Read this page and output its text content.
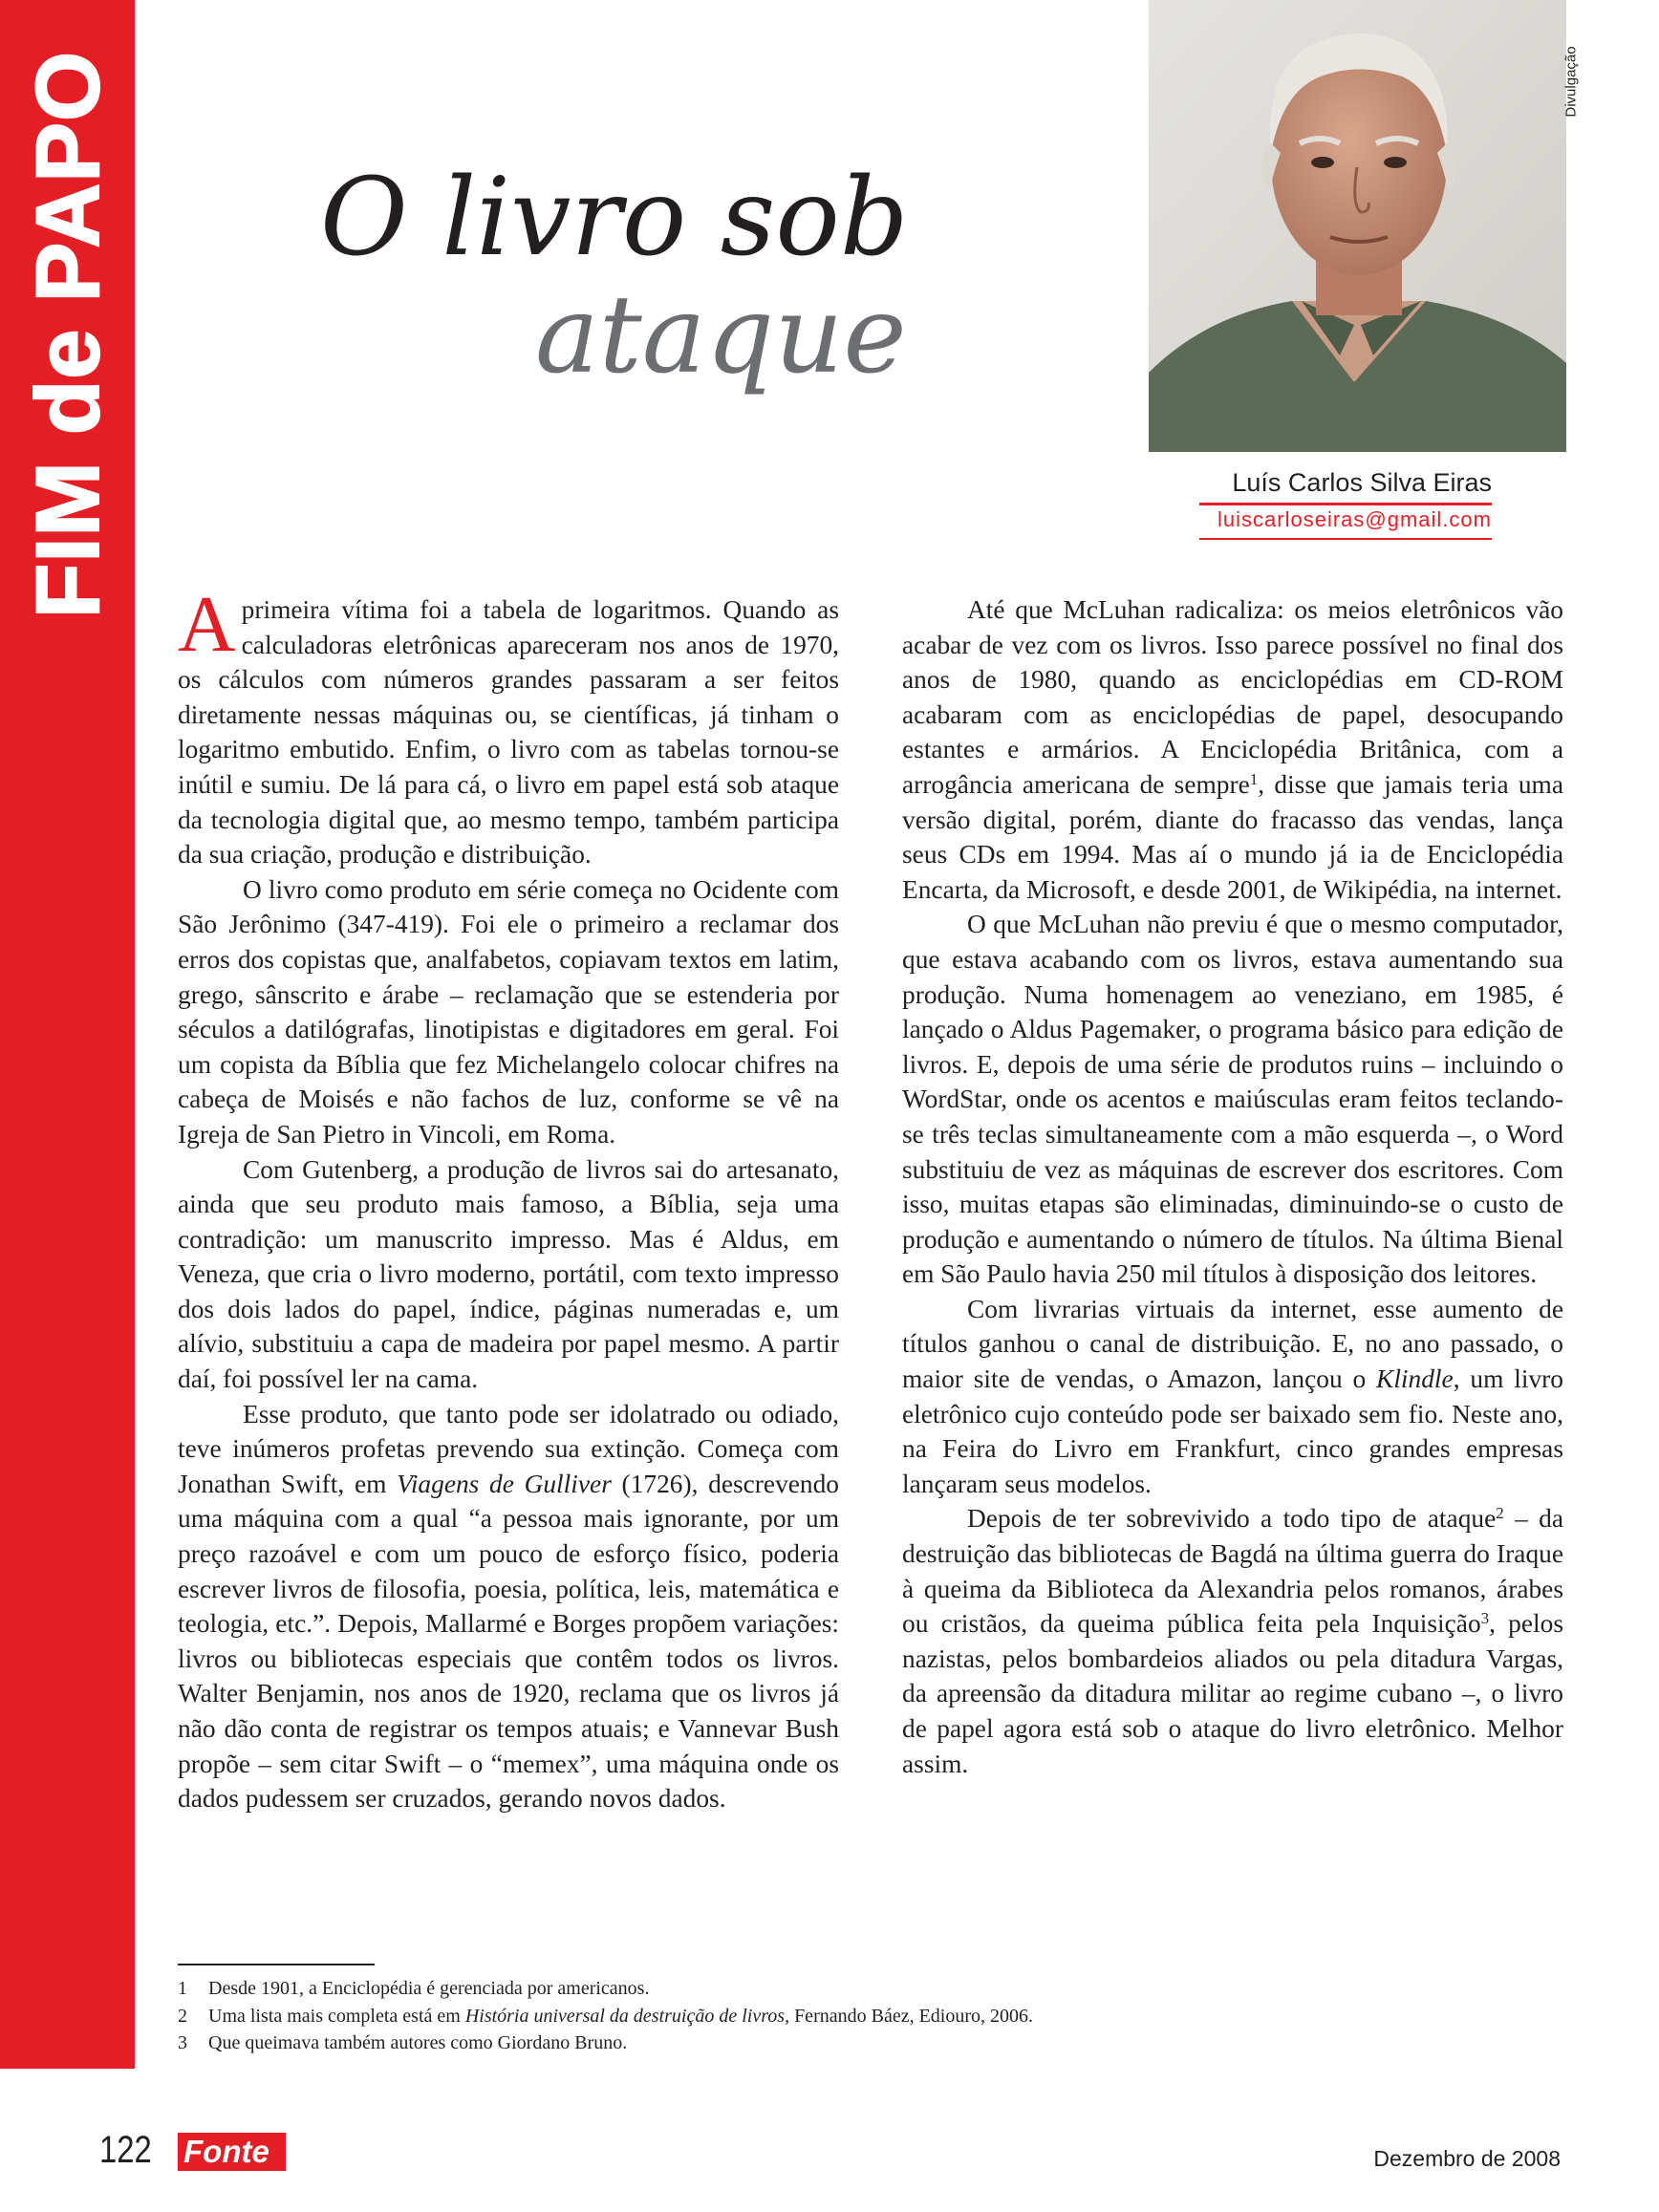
FIM de PAPO O livro sob
ataque
Divulgação
Luís Carlos Silva Eiras
luiscarloseiras@gmail.com

A primeira vítima foi a tabela de logaritmos. Quando as calculadoras eletrônicas apareceram nos anos de 1970, os cálculos com números grandes passaram a ser feitos diretamente nessas máquinas ou, se científicas, já tinham o logaritmo embutido. Enfim, o livro com as tabelas tornou-se inútil e sumiu. De lá para cá, o livro em papel está sob ataque da tecnologia digital que, ao mesmo tempo, também participa da sua criação, produção e distribuição.

O livro como produto em série começa no Ocidente com São Jerônimo (347-419). Foi ele o primeiro a reclamar dos erros dos copistas que, analfabetos, copiavam textos em latim, grego, sânscrito e árabe – reclamação que se estenderia por séculos a datilógrafas, linotipistas e digitadores em geral. Foi um copista da Bíblia que fez Michelangelo colocar chifres na cabeça de Moisés e não fachos de luz, conforme se vê na Igreja de San Pietro in Vincoli, em Roma.

Com Gutenberg, a produção de livros sai do artesanato, ainda que seu produto mais famoso, a Bíblia, seja uma contradição: um manuscrito impresso. Mas é Aldus, em Veneza, que cria o livro moderno, portátil, com texto impresso dos dois lados do papel, índice, páginas numeradas e, um alívio, substituiu a capa de madeira por papel mesmo. A partir daí, foi possível ler na cama.

Esse produto, que tanto pode ser idolatrado ou odiado, teve inúmeros profetas prevendo sua extinção. Começa com Jonathan Swift, em Viagens de Gulliver (1726), descrevendo uma máquina com a qual “a pessoa mais ignorante, por um preço razoável e com um pouco de esforço físico, poderia escrever livros de filosofia, poesia, política, leis, matemática e teologia, etc.”. Depois, Mallarmé e Borges propõem variações: livros ou bibliotecas especiais que contêm todos os livros. Walter Benjamin, nos anos de 1920, reclama que os livros já não dão conta de registrar os tempos atuais; e Vannevar Bush propõe – sem citar Swift – o “memex”, uma máquina onde os dados pudessem ser cruzados, gerando novos dados.

Até que McLuhan radicaliza: os meios eletrônicos vão acabar de vez com os livros. Isso parece possível no final dos anos de 1980, quando as enciclopédias em CD-ROM acabaram com as enciclopédias de papel, desocupando estantes e armários. A Enciclopédia Britânica, com a arrogância americana de sempre$^1$, disse que jamais teria uma versão digital, porém, diante do fracasso das vendas, lança seus CDs em 1994. Mas aí o mundo já ia de Enciclopédia Encarta, da Microsoft, e desde 2001, de Wikipédia, na internet.

O que McLuhan não previu é que o mesmo computador, que estava acabando com os livros, estava aumentando sua produção. Numa homenagem ao veneziano, em 1985, é lançado o Aldus Pagemaker, o programa básico para edição de livros. E, depois de uma série de produtos ruins – incluindo o WordStar, onde os acentos e maiúsculas eram feitos teclando-se três teclas simultaneamente com a mão esquerda –, o Word substituiu de vez as máquinas de escrever dos escritores. Com isso, muitas etapas são eliminadas, diminuindo-se o custo de produção e aumentando o número de títulos. Na última Bienal em São Paulo havia 250 mil títulos à disposição dos leitores.

Com livrarias virtuais da internet, esse aumento de títulos ganhou o canal de distribuição. E, no ano passado, o maior site de vendas, o Amazon, lançou o Klindle, um livro eletrônico cujo conteúdo pode ser baixado sem fio. Neste ano, na Feira do Livro em Frankfurt, cinco grandes empresas lançaram seus modelos.

Depois de ter sobrevivido a todo tipo de ataque$^2$ – da destruição das bibliotecas de Bagdá na última guerra do Iraque à queima da Biblioteca da Alexandria pelos romanos, árabes ou cristãos, da queima pública feita pela Inquisição$^3$, pelos nazistas, pelos bombardeios aliados ou pela ditadura Vargas, da apreensão da ditadura militar ao regime cubano –, o livro de papel agora está sob o ataque do livro eletrônico. Melhor assim.

1 Desde 1901, a Enciclopédia é gerenciada por americanos.
2 Uma lista mais completa está em História universal da destruição de livros, Fernando Báez, Ediouro, 2006.
3 Que queimava também autores como Giordano Bruno.
122 Fonte	Dezembro de 2008
